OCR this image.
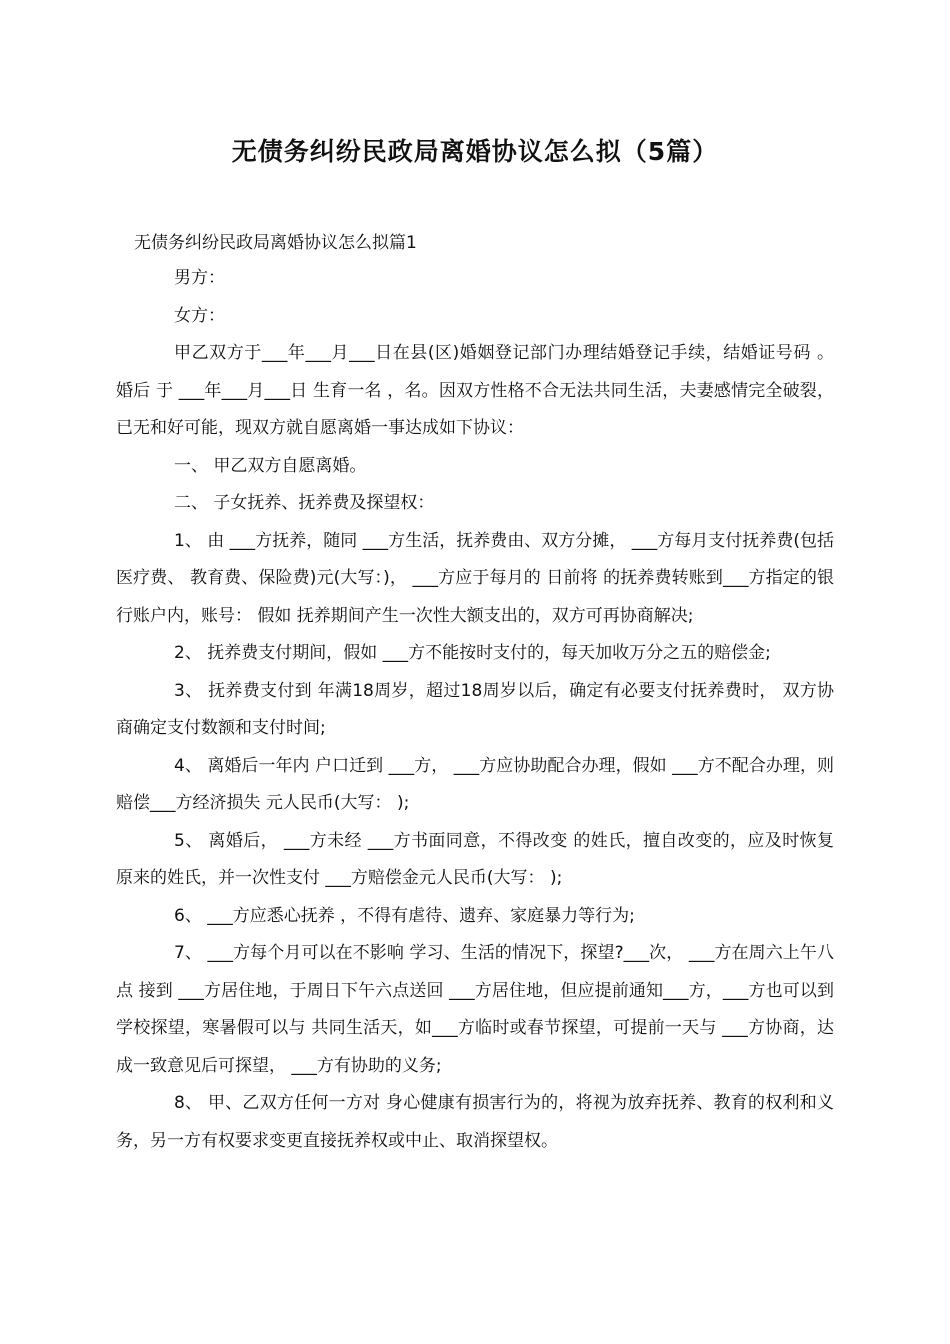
无债务纠纷民政局离婚协议怎么拟（5篇）
无债务纠纷民政局离婚协议怎么拟篇1

男方：

女方：

甲乙双方于___年___月___日在县(区)婚姻登记部门办理结婚登记手续，结婚证号码 。 婚后 于 ___年___月___日 生育一名 ，名。因双方性格不合无法共同生活，夫妻感情完全破裂，已无和好可能，现双方就自愿离婚一事达成如下协议：

一、 甲乙双方自愿离婚。

二、 子女抚养、抚养费及探望权：

1、 由 ___方抚养，随同 ___方生活，抚养费由、双方分摊， ___方每月支付抚养费(包括医疗费、 教育费、保险费)元(大写：)， ___方应于每月的 日前将 的抚养费转账到___方指定的银行账户内，账号： 假如 抚养期间产生一次性大额支出的，双方可再协商解决;

2、 抚养费支付期间，假如 ___方不能按时支付的，每天加收万分之五的赔偿金;

3、 抚养费支付到 年满18周岁，超过18周岁以后，确定有必要支付抚养费时， 双方协商确定支付数额和支付时间;

4、 离婚后一年内 户口迁到 ___方， ___方应协助配合办理，假如 ___方不配合办理，则赔偿___方经济损失 元人民币(大写： );

5、 离婚后， ___方未经 ___方书面同意，不得改变 的姓氏，擅自改变的，应及时恢复原来的姓氏，并一次性支付 ___方赔偿金元人民币(大写： );

6、 ___方应悉心抚养 ，不得有虐待、遗弃、家庭暴力等行为;

7、 ___方每个月可以在不影响 学习、生活的情况下，探望?___次， ___方在周六上午八点 接到 ___方居住地，于周日下午六点送回 ___方居住地，但应提前通知___方，___方也可以到学校探望，寒暑假可以与 共同生活天，如___方临时或春节探望，可提前一天与 ___方协商，达成一致意见后可探望， ___方有协助的义务;

8、 甲、乙双方任何一方对 身心健康有损害行为的，将视为放弃抚养、教育的权利和义务，另一方有权要求变更直接抚养权或中止、取消探望权。
